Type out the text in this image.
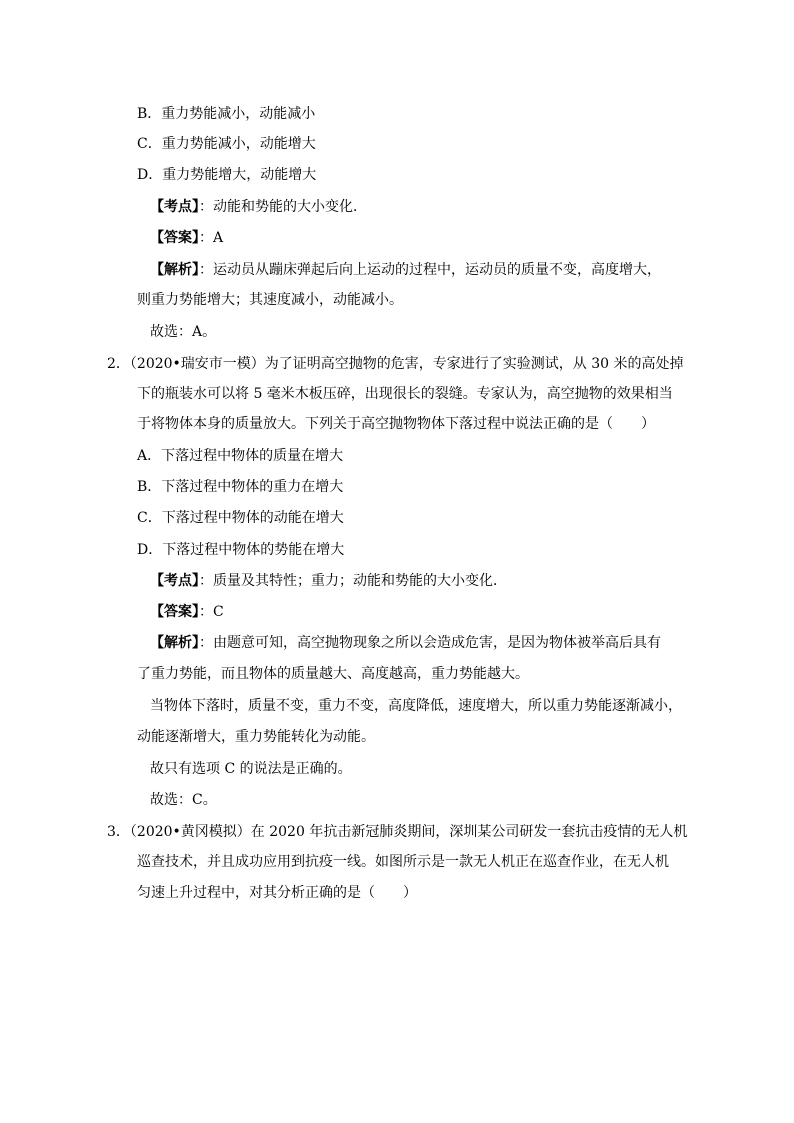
B．重力势能减小，动能减小
C．重力势能减小，动能增大
D．重力势能增大，动能增大
【考点】：动能和势能的大小变化．
【答案】：A
【解析】：运动员从蹦床弹起后向上运动的过程中，运动员的质量不变，高度增大，
则重力势能增大；其速度减小，动能减小。
故选：A。
2．（2020•瑞安市一模）为了证明高空抛物的危害，专家进行了实验测试，从 30 米的高处掉
下的瓶装水可以将 5 毫米木板压碎，出现很长的裂缝。专家认为，高空抛物的效果相当
于将物体本身的质量放大。下列关于高空抛物物体下落过程中说法正确的是（　　）
A．下落过程中物体的质量在增大
B．下落过程中物体的重力在增大
C．下落过程中物体的动能在增大
D．下落过程中物体的势能在增大
【考点】：质量及其特性；重力；动能和势能的大小变化．
【答案】：C
【解析】：由题意可知，高空抛物现象之所以会造成危害，是因为物体被举高后具有
了重力势能，而且物体的质量越大、高度越高，重力势能越大。
当物体下落时，质量不变，重力不变，高度降低，速度增大，所以重力势能逐渐减小，
动能逐渐增大，重力势能转化为动能。
故只有选项 C 的说法是正确的。
故选：C。
3．（2020•黄冈模拟）在 2020 年抗击新冠肺炎期间，深圳某公司研发一套抗击疫情的无人机
巡查技术，并且成功应用到抗疫一线。如图所示是一款无人机正在巡查作业，在无人机
匀速上升过程中，对其分析正确的是（　　）
